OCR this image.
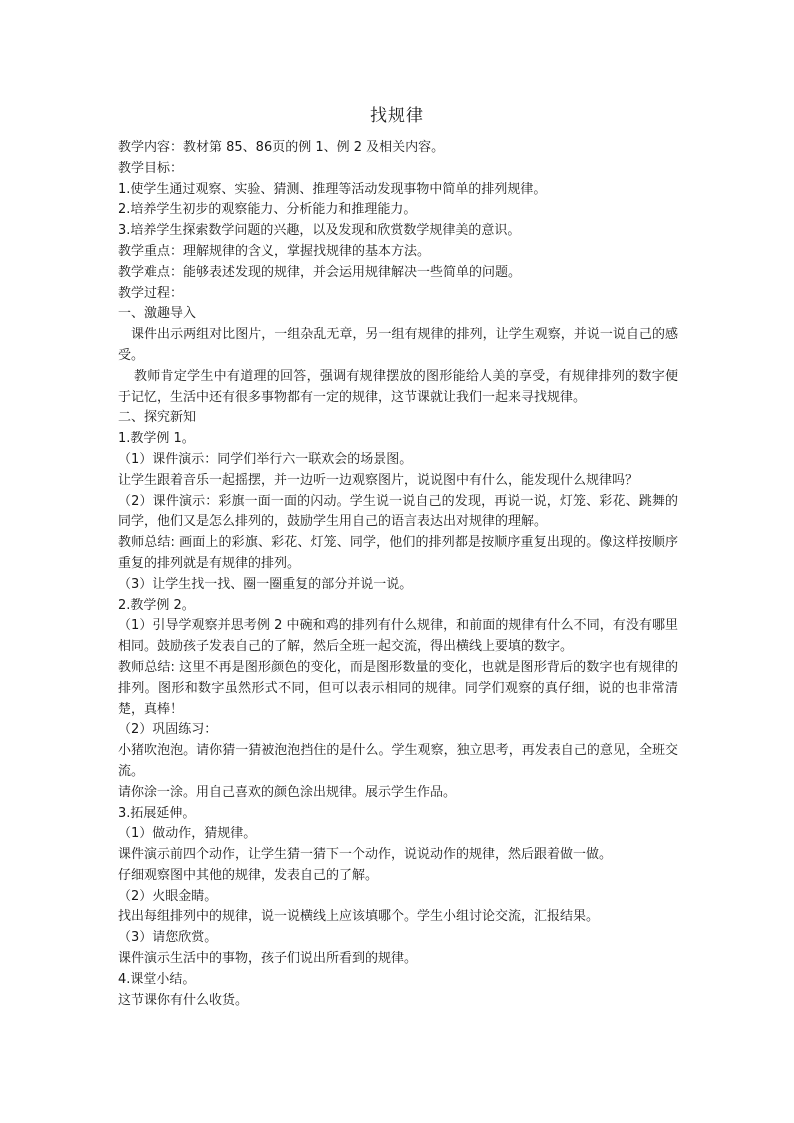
找规律

教学内容：教材第 85、86页的例 1、例 2 及相关内容。

教学目标：

1.使学生通过观察、实验、猜测、推理等活动发现事物中简单的排列规律。

2.培养学生初步的观察能力、分析能力和推理能力。

3.培养学生探索数学问题的兴趣，以及发现和欣赏数学规律美的意识。

教学重点：理解规律的含义，掌握找规律的基本方法。

教学难点：能够表述发现的规律，并会运用规律解决一些简单的问题。

教学过程：

一、激趣导入

课件出示两组对比图片，一组杂乱无章，另一组有规律的排列，让学生观察，并说一说自己的感受。

教师肯定学生中有道理的回答，强调有规律摆放的图形能给人美的享受，有规律排列的数字便于记忆，生活中还有很多事物都有一定的规律，这节课就让我们一起来寻找规律。

二、探究新知

1.教学例 1。

（1）课件演示：同学们举行六一联欢会的场景图。

让学生跟着音乐一起摇摆，并一边听一边观察图片，说说图中有什么，能发现什么规律吗？

（2）课件演示：彩旗一面一面的闪动。学生说一说自己的发现，再说一说，灯笼、彩花、跳舞的同学，他们又是怎么排列的，鼓励学生用自己的语言表达出对规律的理解。

教师总结: 画面上的彩旗、彩花、灯笼、同学，他们的排列都是按顺序重复出现的。像这样按顺序重复的排列就是有规律的排列。

（3）让学生找一找、圈一圈重复的部分并说一说。

2.教学例 2。

（1）引导学观察并思考例 2 中碗和鸡的排列有什么规律，和前面的规律有什么不同，有没有哪里相同。鼓励孩子发表自己的了解，然后全班一起交流，得出横线上要填的数字。

教师总结: 这里不再是图形颜色的变化，而是图形数量的变化，也就是图形背后的数字也有规律的排列。图形和数字虽然形式不同，但可以表示相同的规律。同学们观察的真仔细，说的也非常清楚，真棒！

（2）巩固练习：

小猪吹泡泡。请你猜一猜被泡泡挡住的是什么。学生观察，独立思考，再发表自己的意见，全班交流。

请你涂一涂。用自己喜欢的颜色涂出规律。展示学生作品。

3.拓展延伸。

（1）做动作，猜规律。

课件演示前四个动作，让学生猜一猜下一个动作，说说动作的规律，然后跟着做一做。

仔细观察图中其他的规律，发表自己的了解。

（2）火眼金睛。

找出每组排列中的规律，说一说横线上应该填哪个。学生小组讨论交流，汇报结果。

（3）请您欣赏。

课件演示生活中的事物，孩子们说出所看到的规律。

4.课堂小结。

这节课你有什么收货。
